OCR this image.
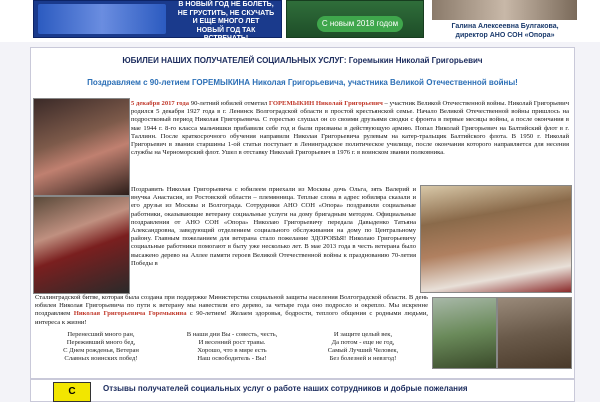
В НОВЫЙ ГОД НЕ БОЛЕТЬ,
НЕ ГРУСТИТЬ, НЕ СКУЧАТЬ
И ЕЩЕ МНОГО ЛЕТ
НОВЫЙ ГОД ТАК ВСТРЕЧАТЬ!
С новым 2018 годом	Галина Алексеевна Булгакова,
директор АНО СОН «Опора»
ЮБИЛЕИ НАШИХ ПОЛУЧАТЕЛЕЙ СОЦИАЛЬНЫХ УСЛУГ: Горемыкин Николай Григорьевич
Поздравляем с 90-летием ГОРЕМЫКИНА Николая Григорьевича, участника Великой Отечественной войны!
5 декабря 2017 года 90-летний юбилей отметил ГОРЕМЫКИН Николай Григорьевич – участник Великой Отечественной войны. Николай Григорьевич родился 5 декабря 1927 года в г. Ленинск Волгоградской области в простой крестьянской семье. Начало Великой Отечественной войны пришлось на подростковый период Николая Григорьевича. С горестью слушал он со своими друзьями сводки с фронта в первые месяцы войны, а после окончания в мае 1944 г. 8-го класса мальчишки прибавили себе год и были призваны в действующую армию. Попал Николай Григорьевич на Балтийский флот в г. Таллинн. После краткосрочного обучения направили Николая Григорьевича рулевым на катер-тральщик Балтийского флота. В 1950 г. Николай Григорьевич в звании старшины 1-ой статьи поступает в Ленинградское политическое училище, после окончания которого направляется для несения службы на Черноморский флот. Ушел в отставку Николай Григорьевич в 1976 г. в воинском звании полковника.
Поздравить Николая Григорьевича с юбилеем приехали из Москвы дочь Ольга, зять Валерий и внучка Анастасия, из Ростовской области – племянница. Теплые слова в адрес юбиляра сказали и его друзья из Москвы и Волгограда. Сотрудники АНО СОН «Опора» поздравили социальные работники, оказывающие ветерану социальные услуги на дому бригадным методом. Официальные поздравления от АНО СОН «Опора» Николаю Григорьевичу передала Давыденко Татьяна Александровна, заведующий отделением социального обслуживания на дому по Центральному району. Главным пожеланием для ветерана стало пожелание ЗДОРОВЬЯ! Николаю Григорьевичу социальные работники помогают в быту уже несколько лет. В мае 2013 года в честь ветерана было высажено дерево на Аллее памяти героев Великой Отечественной войны к празднованию 70-летия Победы в
Сталинградской битве, которая была создана при поддержке Министерства социальной защиты населения Волгоградской области. В день юбилея Николая Григорьевича по пути к ветерану мы навестили его дерево, за четыре года оно подросло и окрепло. Мы искренне поздравляем Николая Григорьевича Горемыкина с 90-летием! Желаем здоровья, бодрости, теплого общения с родными людьми, интереса к жизни!
Перенесший много ран,
Переживший много бед,
С Днем рожденья, Ветеран
Славных воинских побед!
В наши дни Вы - совесть, честь,
И весенний рост травы.
Хорошо, что в мире есть
Наш освободитель - Вы!
И защите целый век,
Да потом - еще не год,
Самый Лучший Человек,
Без болезней и невзгод!
С	Отзывы получателей социальных услуг о работе наших сотрудников и добрые пожелания
